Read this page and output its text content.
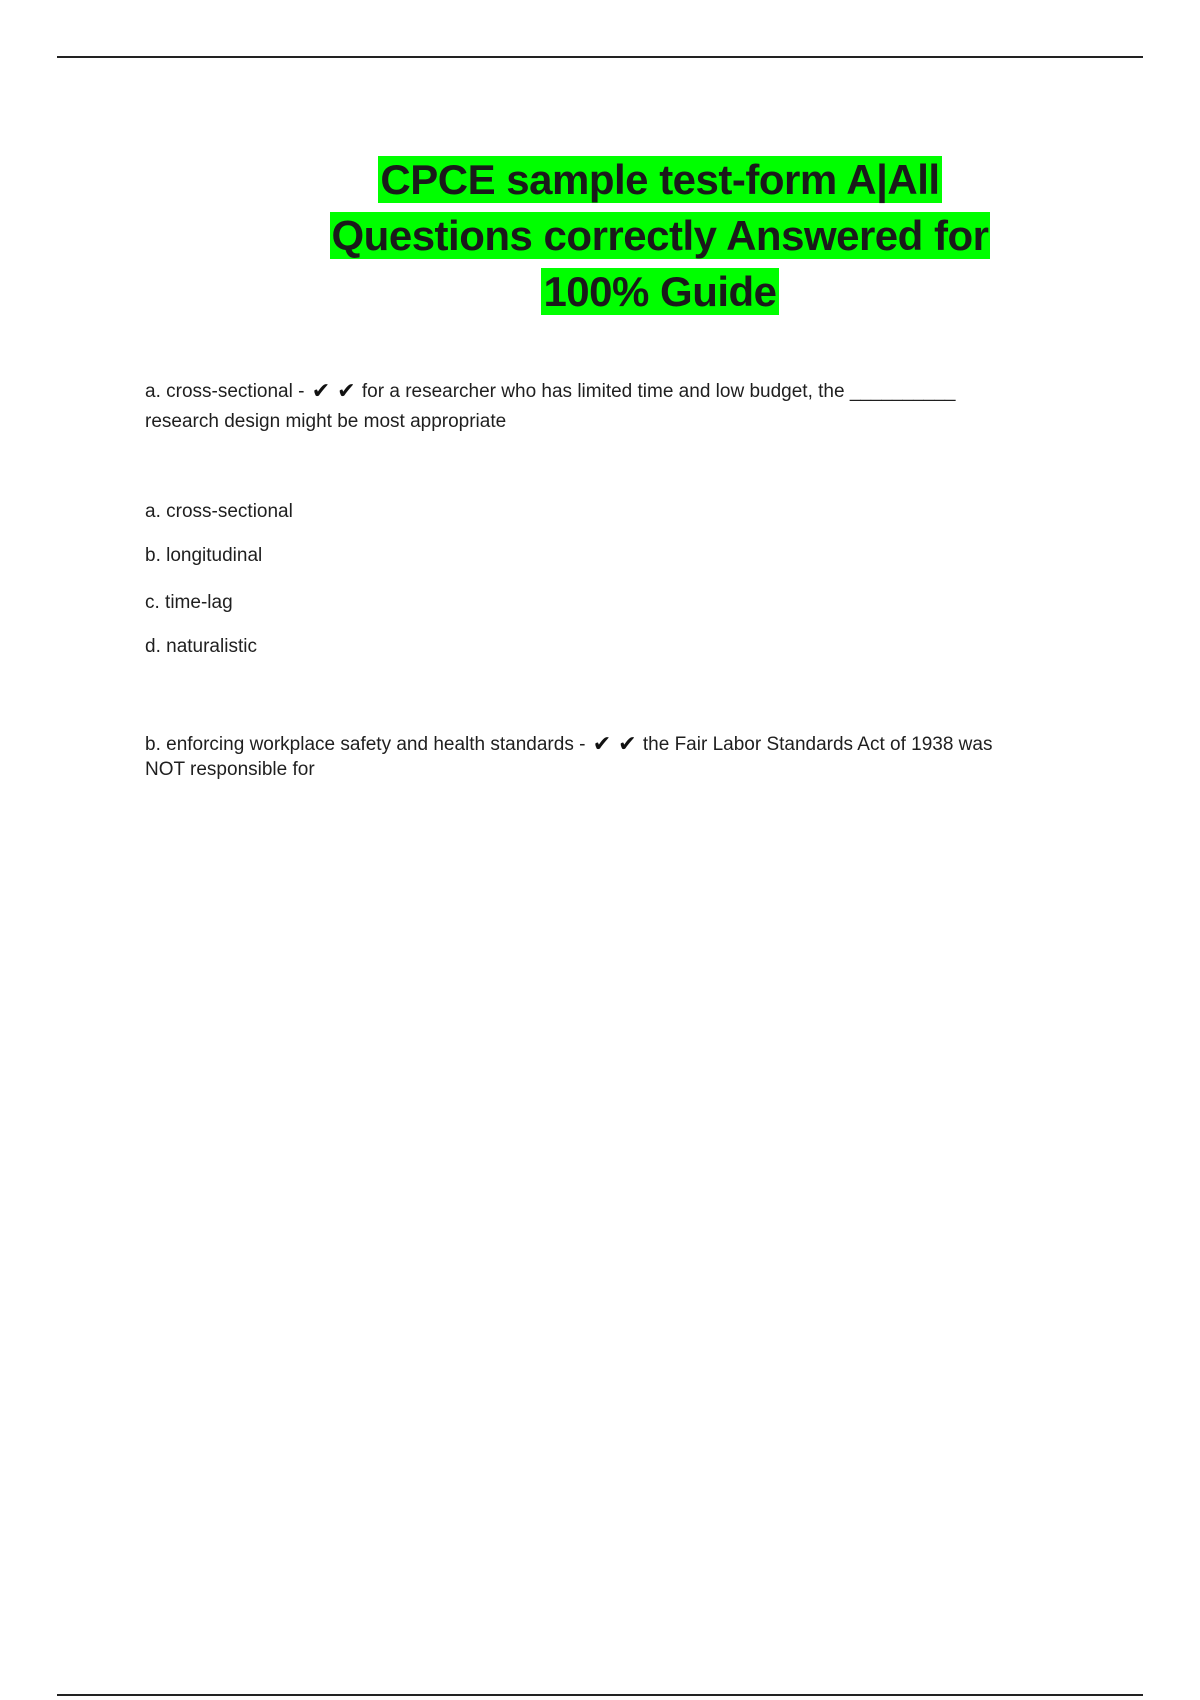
CPCE sample test-form A|All Questions correctly Answered for 100% Guide
a. cross-sectional - ✔ ✔ for a researcher who has limited time and low budget, the __________ research design might be most appropriate
a. cross-sectional
b. longitudinal
c. time-lag
d. naturalistic
b. enforcing workplace safety and health standards - ✔ ✔ the Fair Labor Standards Act of 1938 was NOT responsible for
